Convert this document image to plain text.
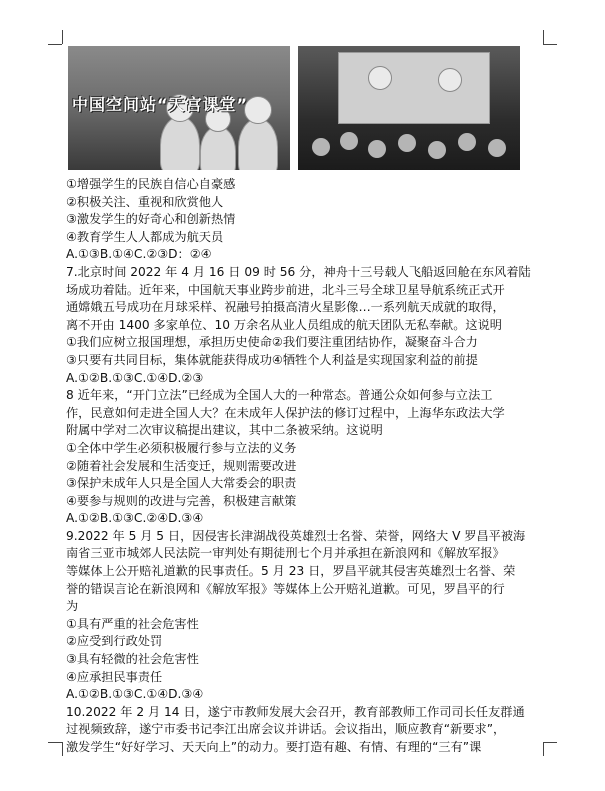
中国空间站“天宫课堂”

①增强学生的民族自信心自豪感

②积极关注、重视和欣赏他人

③激发学生的好奇心和创新热情

④教育学生人人都成为航天员

A.①③B.①④C.②③D：②④

7.北京时间 2022 年 4 月 16 日 09 时 56 分，神舟十三号载人飞船返回舱在东风着陆

场成功着陆。近年来，中国航天事业跨步前进，北斗三号全球卫星导航系统正式开

通嫦娥五号成功在月球采样、祝融号拍摄高清火星影像…一系列航天成就的取得，

离不开由 1400 多家单位、10 万余名从业人员组成的航天团队无私奉献。这说明

①我们应树立报国理想，承担历史使命②我们要注重团结协作，凝聚奋斗合力

③只要有共同目标，集体就能获得成功④牺牲个人利益是实现国家利益的前提

A.①②B.①③C.①④D.②③

8 近年来，“开门立法”已经成为全国人大的一种常态。普通公众如何参与立法工

作，民意如何走进全国人大？在未成年人保护法的修订过程中，上海华东政法大学

附属中学对二次审议稿提出建议，其中二条被采纳。这说明

①全体中学生必须积极履行参与立法的义务

②随着社会发展和生活变迁，规则需要改进

③保护未成年人只是全国人大常委会的职责

④要参与规则的改进与完善，积极建言献策

A.①②B.①③C.②④D.③④

9.2022 年 5 月 5 日，因侵害长津湖战役英雄烈士名誉、荣誉，网络大 V 罗昌平被海

南省三亚市城郊人民法院一审判处有期徒刑七个月并承担在新浪网和《解放军报》

等媒体上公开赔礼道歉的民事责任。5 月 23 日，罗昌平就其侵害英雄烈士名誉、荣

誉的错误言论在新浪网和《解放军报》等媒体上公开赔礼道歉。可见，罗昌平的行

为

①具有严重的社会危害性

②应受到行政处罚

③具有轻微的社会危害性

④应承担民事责任

A.①②B.①③C.①④D.③④

10.2022 年 2 月 14 日，遂宁市教师发展大会召开，教育部教师工作司司长任友群通

过视频致辞，遂宁市委书记李江出席会议并讲话。会议指出，顺应教育“新要求”，

激发学生“好好学习、天天向上”的动力。要打造有趣、有情、有理的“三有”课
